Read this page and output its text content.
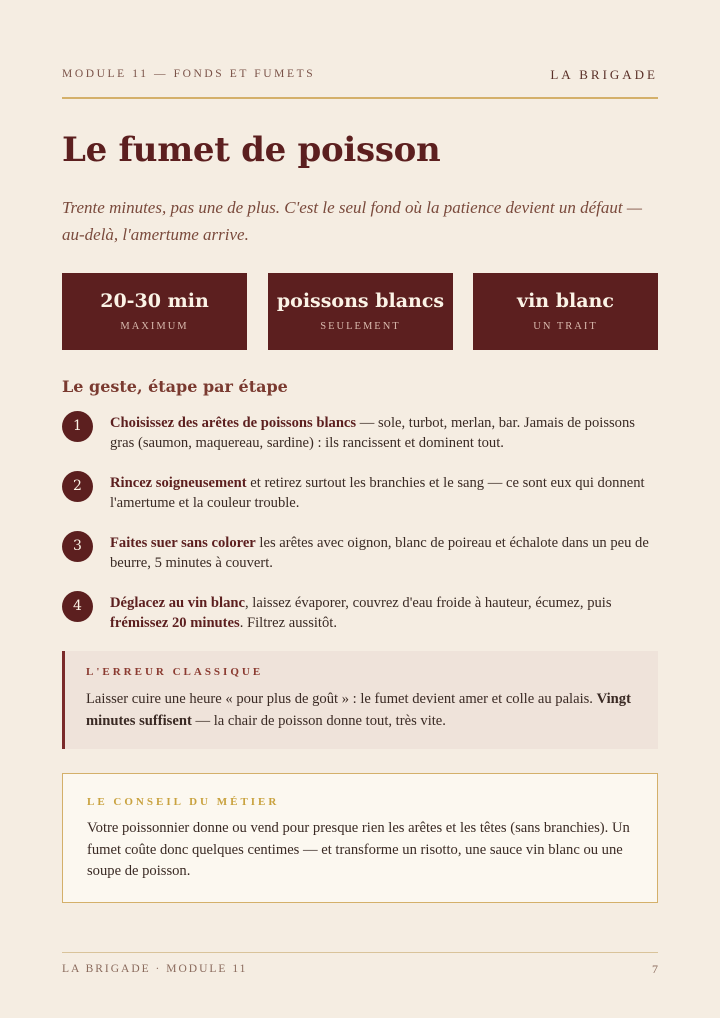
MODULE 11 — FONDS ET FUMETS	LA BRIGADE
Le fumet de poisson

Trente minutes, pas une de plus. C'est le seul fond où la patience devient un défaut — au-delà, l'amertume arrive.

20-30 min
MAXIMUM
poissons blancs
SEULEMENT
vin blanc
UN TRAIT
Le geste, étape par étape
1	Choisissez des arêtes de poissons blancs — sole, turbot, merlan, bar. Jamais de poissons gras (saumon, maquereau, sardine) : ils rancissent et dominent tout.
2	Rincez soigneusement et retirez surtout les branchies et le sang — ce sont eux qui donnent l'amertume et la couleur trouble.
3	Faites suer sans colorer les arêtes avec oignon, blanc de poireau et échalote dans un peu de beurre, 5 minutes à couvert.
4	Déglacez au vin blanc, laissez évaporer, couvrez d'eau froide à hauteur, écumez, puis frémissez 20 minutes. Filtrez aussitôt.
L'ERREUR CLASSIQUE
Laisser cuire une heure « pour plus de goût » : le fumet devient amer et colle au palais. Vingt minutes suffisent — la chair de poisson donne tout, très vite.
LE CONSEIL DU MÉTIER
Votre poissonnier donne ou vend pour presque rien les arêtes et les têtes (sans branchies). Un fumet coûte donc quelques centimes — et transforme un risotto, une sauce vin blanc ou une soupe de poisson.
LA BRIGADE · MODULE 11	7
